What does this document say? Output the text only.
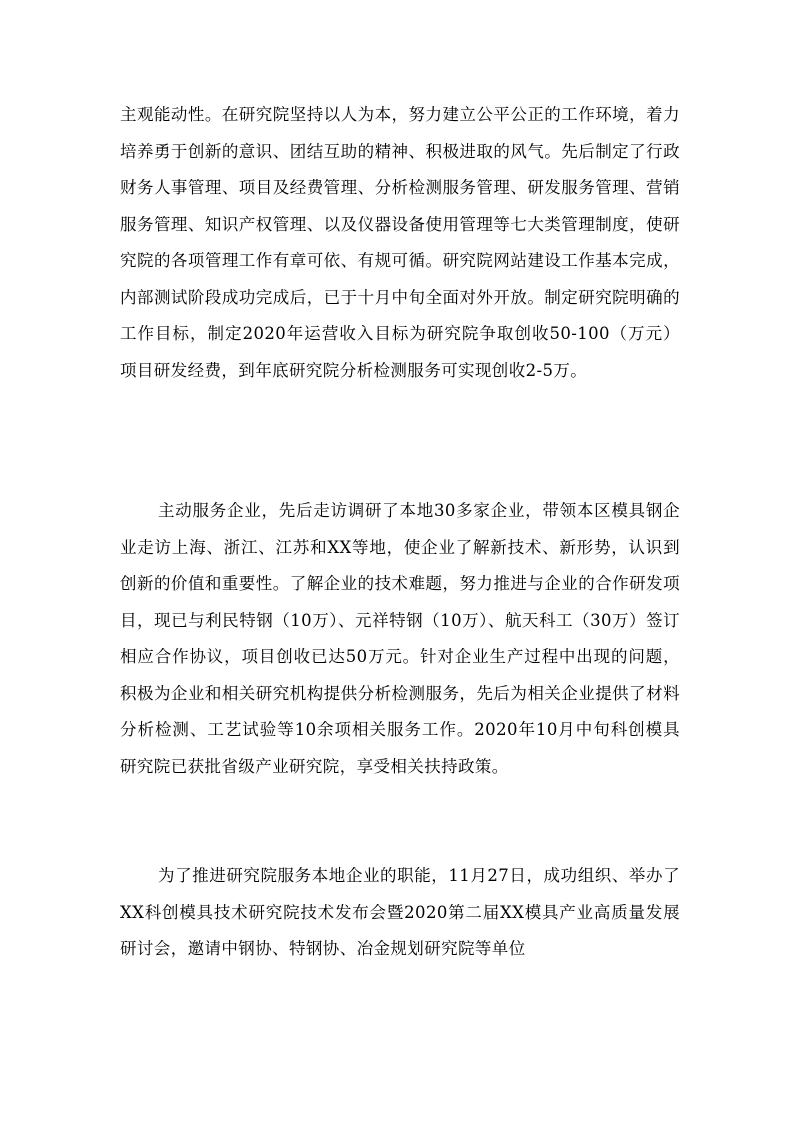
主观能动性。在研究院坚持以人为本，努力建立公平公正的工作环境，着力培养勇于创新的意识、团结互助的精神、积极进取的风气。先后制定了行政财务人事管理、项目及经费管理、分析检测服务管理、研发服务管理、营销服务管理、知识产权管理、以及仪器设备使用管理等七大类管理制度，使研究院的各项管理工作有章可依、有规可循。研究院网站建设工作基本完成，内部测试阶段成功完成后，已于十月中旬全面对外开放。制定研究院明确的工作目标，制定2020年运营收入目标为研究院争取创收50-100（万元）项目研发经费，到年底研究院分析检测服务可实现创收2-5万。

主动服务企业，先后走访调研了本地30多家企业，带领本区模具钢企业走访上海、浙江、江苏和XX等地，使企业了解新技术、新形势，认识到创新的价值和重要性。了解企业的技术难题，努力推进与企业的合作研发项目，现已与利民特钢（10万）、元祥特钢（10万）、航天科工（30万）签订相应合作协议，项目创收已达50万元。针对企业生产过程中出现的问题，积极为企业和相关研究机构提供分析检测服务，先后为相关企业提供了材料分析检测、工艺试验等10余项相关服务工作。2020年10月中旬科创模具研究院已获批省级产业研究院，享受相关扶持政策。

为了推进研究院服务本地企业的职能，11月27日，成功组织、举办了XX科创模具技术研究院技术发布会暨2020第二届XX模具产业高质量发展研讨会，邀请中钢协、特钢协、冶金规划研究院等单位
